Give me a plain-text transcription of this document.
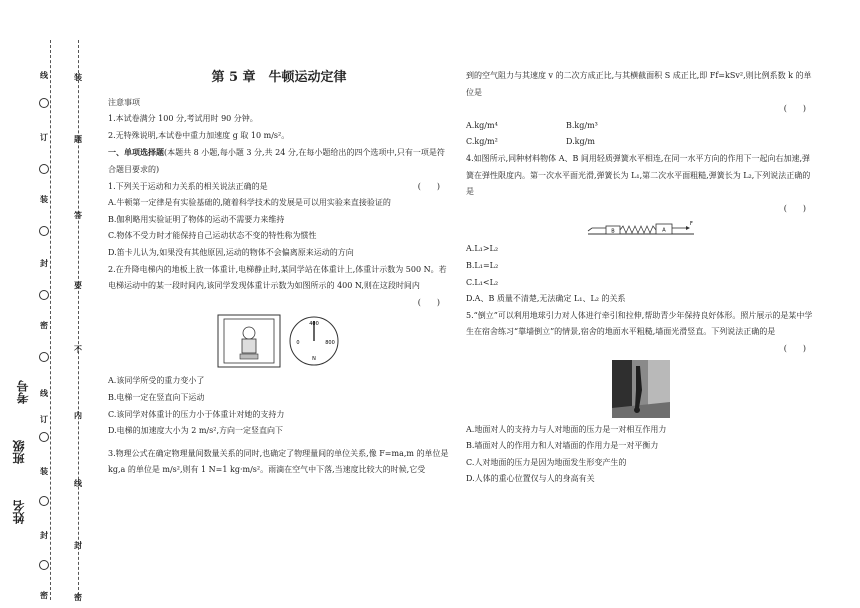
线
订
装
封
密
线
订
装
封
密
题
答
要
不
内
线
封
密
装
姓名
班级
考号
第 5 章　牛顿运动定律

注意事项

1.本试卷满分 100 分,考试用时 90 分钟。

2.无特殊说明,本试卷中重力加速度 g 取 10 m/s²。

一、单项选择题(本题共 8 小题,每小题 3 分,共 24 分,在每小题给出的四个选项中,只有一项是符合题目要求的)

1.下列关于运动和力关系的相关说法正确的是	(　　)

A.牛顿第一定律是有实验基础的,随着科学技术的发展是可以用实验来直接验证的

B.伽利略用实验证明了物体的运动不需要力来维持

C.物体不受力时才能保持自己运动状态不变的特性称为惯性

D.笛卡儿认为,如果没有其他原因,运动的物体不会偏离原来运动的方向

2.在升降电梯内的地板上放一体重计,电梯静止时,某同学站在体重计上,体重计示数为 500 N。若电梯运动中的某一段时间内,该同学发现体重计示数为如图所示的 400 N,则在这段时间内

(　　)

400
0	800
N

A.该同学所受的重力变小了

B.电梯一定在竖直向下运动

C.该同学对体重计的压力小于体重计对她的支持力

D.电梯的加速度大小为 2 m/s²,方向一定竖直向下

3.物理公式在确定物理量间数量关系的同时,也确定了物理量间的单位关系,像 F=ma,m 的单位是 kg,a 的单位是 m/s²,则有 1 N=1 kg·m/s²。雨滴在空气中下落,当速度比较大的时候,它受

到的空气阻力与其速度 v 的二次方成正比,与其横截面积 S 成正比,即 Ff=kSv²,则比例系数 k 的单位是

(　　)

A.kg/m⁴	B.kg/m³
C.kg/m²	D.kg/m

4.如图所示,同种材料物体 A、B 间用轻质弹簧水平相连,在同一水平方向的作用下一起向右加速,弹簧在弹性限度内。第一次水平面光滑,弹簧长为 L₁,第二次水平面粗糙,弹簧长为 L₂,下列说法正确的是

(　　)

B	A
F

A.L₁>L₂

B.L₁=L₂

C.L₁<L₂

D.A、B 质量不清楚,无法确定 L₁、L₂ 的关系

5.“倒立”可以利用地球引力对人体进行牵引和拉伸,帮助青少年保持良好体形。照片展示的是某中学生在宿舍练习“靠墙倒立”的情景,宿舍的地面水平粗糙,墙面光滑竖直。下列说法正确的是

(　　)

A.地面对人的支持力与人对地面的压力是一对相互作用力

B.墙面对人的作用力和人对墙面的作用力是一对平衡力

C.人对地面的压力是因为地面发生形变产生的

D.人体的重心位置仅与人的身高有关
